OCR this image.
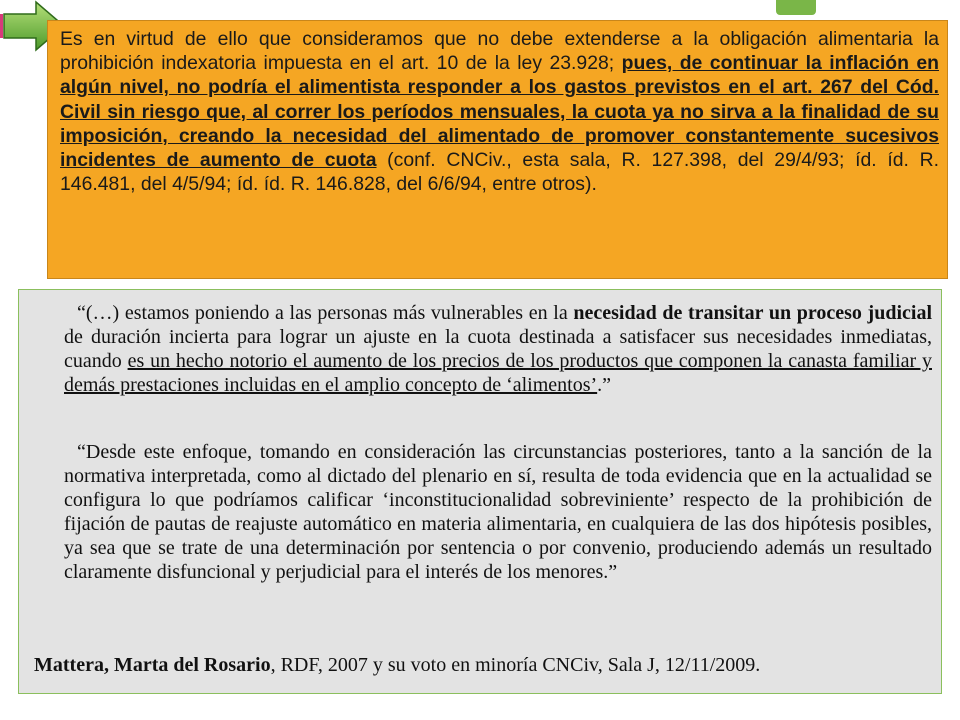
Es en virtud de ello que consideramos que no debe extenderse a la obligación alimentaria la prohibición indexatoria impuesta en el art. 10 de la ley 23.928; pues, de continuar la inflación en algún nivel, no podría el alimentista responder a los gastos previstos en el art. 267 del Cód. Civil sin riesgo que, al correr los períodos mensuales, la cuota ya no sirva a la finalidad de su imposición, creando la necesidad del alimentado de promover constantemente sucesivos incidentes de aumento de cuota (conf. CNCiv., esta sala, R. 127.398, del 29/4/93; íd. íd. R. 146.481, del 4/5/94; íd. íd. R. 146.828, del 6/6/94, entre otros).

“(…) estamos poniendo a las personas más vulnerables en la necesidad de transitar un proceso judicial de duración incierta para lograr un ajuste en la cuota destinada a satisfacer sus necesidades inmediatas, cuando es un hecho notorio el aumento de los precios de los productos que componen la canasta familiar y demás prestaciones incluidas en el amplio concepto de ‘alimentos’.”

“Desde este enfoque, tomando en consideración las circunstancias posteriores, tanto a la sanción de la normativa interpretada, como al dictado del plenario en sí, resulta de toda evidencia que en la actualidad se configura lo que podríamos calificar ‘inconstitucionalidad sobreviniente’ respecto de la prohibición de fijación de pautas de reajuste automático en materia alimentaria, en cualquiera de las dos hipótesis posibles, ya sea que se trate de una determinación por sentencia o por convenio, produciendo además un resultado claramente disfuncional y perjudicial para el interés de los menores.”

Mattera, Marta del Rosario, RDF, 2007 y su voto en minoría CNCiv, Sala J, 12/11/2009.
